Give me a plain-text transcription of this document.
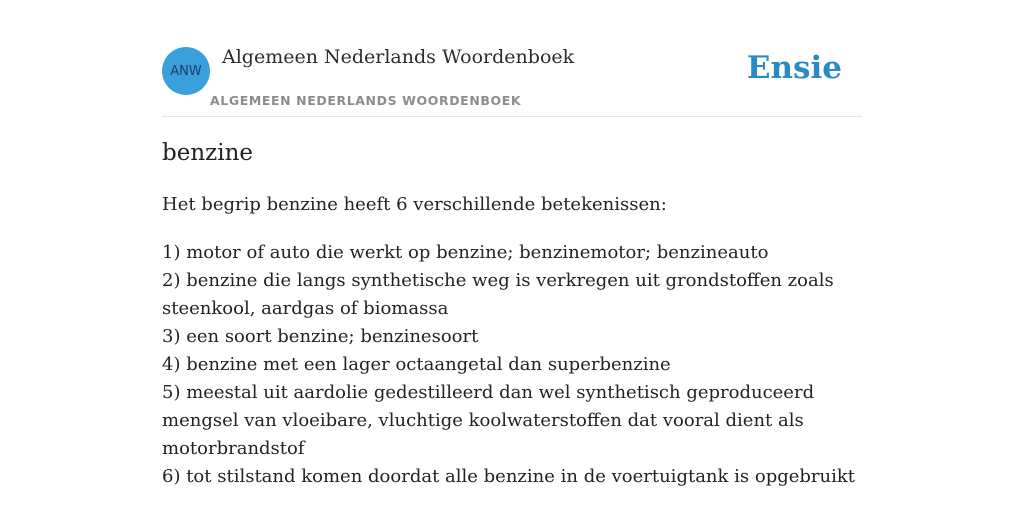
ANW
Algemeen Nederlands Woordenboek
ALGEMEEN NEDERLANDS WOORDENBOEK
Ensie
benzine
Het begrip benzine heeft 6 verschillende betekenissen:
1) motor of auto die werkt op benzine; benzinemotor; benzineauto
2) benzine die langs synthetische weg is verkregen uit grondstoffen zoals steenkool, aardgas of biomassa
3) een soort benzine; benzinesoort
4) benzine met een lager octaangetal dan superbenzine
5) meestal uit aardolie gedestilleerd dan wel synthetisch geproduceerd mengsel van vloeibare, vluchtige koolwaterstoffen dat vooral dient als motorbrandstof
6) tot stilstand komen doordat alle benzine in de voertuigtank is opgebruikt
